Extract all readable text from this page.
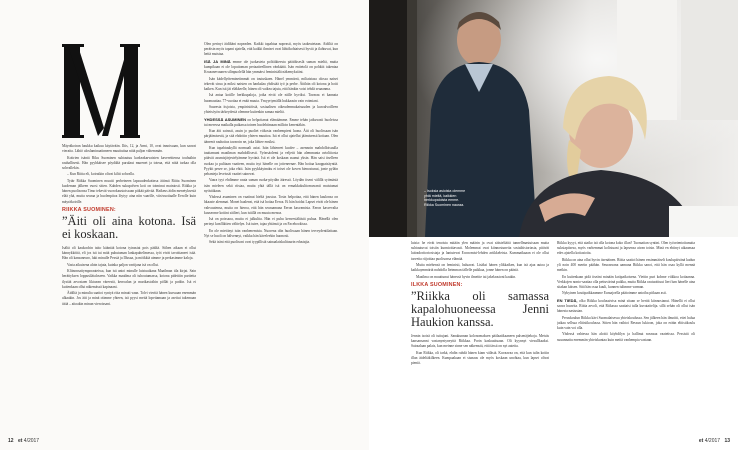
Mäyräkoiran haukku kaikuu käytävään. Iltis, 12, ja Armi, 10, ovat innoissaan, kun saavat vieraita. Lähiö uloslaminaatinneen muuttuttaa niitä paljon vähemmän.

Kotirien isäntä Riku Suominen suhtautuu karkeakarvaisten kavereittensa touhuihin rauhallisesti. Hän pyyhkäisee pöydältä purulaut murenet ja toteaa, että niitä tarkaa olla sohvallekin.

– Kun Riitta eli, koiratkin olivat kiltti sohvalla.

Tytär Riikka Suominen muutti perheineen lapsuudenkotinsa äitinsä Riitta Suominen kuoleman jälkeen vuosi sitten. Kahden sukupolven koti on toiminut mainiosti. Riikka ja hänen puolisonsa Timo tekevät vuorokaustoissaan pitkää päivää. Haikeus äidin menetyksestä elää yhä, mutta seuraa ja huolenpitoa löytyy aina niin vaarille, viisivuotiaalle Eerolle kuin mäyräkoirille.

RIIKKA SUOMINEN:
”Äiti oli aina kotona. Isä ei koskaan.

Isältä oli kaukoohin taito kääntää kotona tyinasiat pois päältä. Siihen aikaan ei ollut kännykköitä, eli jos isä tai mitä puhutaman lankapuhelimessa, työt eivät tavoittaneet isää. Hän oli kansaneuro, luki minulle Pessiä ja Illusaa, ja möikkiä aimme ja perkasimme kaloja.

Vasta aikuisena aloin tajuta, kuinka paljon vartijana isä on ollut.

Kliinonsattymporaateissa, kun isä antoi minulle luistuaikana Maailman tila kirjat. Sain herättyksen loppusilätaloseen. Vaikka maailma oli tuhoutumassa, kotona pidettiin parttetta ilystää arvostaen liktuean väreestä, kerroalun ja marikastoihin pöllät ja podiin. Isä ei kuitenkaan ollut näkemässä kapinaani.

Äidiltä ja minulta saattoi syntyä riita minuti vaan. Tolvi vieritä hänen kurssaan enemmän alkaakin. Jos äiti ja minä otimme yhteen, isä pyysi meitä lopettamaan ja asettui tukemaan äitiä – aitoakin minun vieroissani.

Olen perinyt äidiltäni nopeaden. Kaikki tapahtua nopeasti, myös taakeutetaan. Äidiltä on peräisin myös tapani ajatella, että kaikki ihmiset ovat lähtökohtaisesti hyviä ja ilahtuvat, kun heitä muistaa.

ISÄ JA MINÄ emme ole juokasteta politiikteesta päätökseslä saman mieltä, mutta kumpikaan ei ole loputtoman periaatteellinen vänkäätä. Isän enitetolä on pohkiit takentaa Kroaanevaunen silinpuolellä hän ymmärsi feministälä näkemyksiäni.

Isän kädellyöteminetimmät on toutuskaen. Hänel ymmärrä, miltaistasa olossa naiset tekevät sirua ja miksi naisten on hankalaa yhdistää työ ja perhe. Äitihän oli kotona ja hoiti kaiken. Kun isä jäi eläkkeelle, hänen oli vaikea tajuta, että hänkin voisi tehdä seuaanma.

Isä antaa kotille herkkupaloja, jotka eivät ole niille hyviksi. Tavaraa ei kannata huomauttaa. 77-vuotiaa ei enää muuta. Ymyyrtymällä hukkaasin vain voimiani.

Suuresta itsjoista, ympäristöistä, sosiaalisen oikeudenmukaisuuden ja kuroalvoilleen yhteisöyön tärkeydestä olemme kuitenkin samaa mieltä.

YHDESSÄ ASUMINEN on helpottanut elämäämme. Emme tehän jatkuvasti huoleissa tai meressa maikalla paikassa toinen huolehtimaan milloin kenentäkin.

Kun äiti sairasti, asuin jo puoliet viikosta vanhempieni luona. Äiti oli huolissaan isän pärjäämisestä, ja sitä ehdottin yhteen muuttoa. Isä ei ollut ajatellut jäämisensä kotiaan. Olen ääneerä rauhoitus tavaroin ne, joka lähtee ensiksi.

Kun tapahtuukyllä normaali asiat. Isän lähteneet kuolee – asennoin mahdolloisuulla tauttamunt maailman mahdollisesti. Vyönsäolemi ja veljetit hän alemmanta avioliitosta pitävät asumisjärjestelyämme hyvänä. Isä ei ole koskaan asunut yksin. Hän saisi itselleen ruokaa ja pulitaan vaatteen, mutta isyt hänelle on jotteneenae. Hän hoitaa kauppaisäyntiä. Pyykit pesee se, joka ehtii. Isän pyykkäytmätu ei toiset ole koven hienostunut, jonte pyläin pehanteja leveissäi vaattei sainevat.

Vaara tyyt ehdimme rauta saman ruoka-pöydän ääressä. Löydän itseni välillä syömästä isän mieleen sekä riistaa, mutta yhtä tällä isä on ermakkokulttomuvanti maistamat nytistäkaan.

Yhdessä asuminen on vaatinut hieltä joustoa. Tosin helpottaa, että hänen kaulonsa on hkaaste alemmat. Monet haaleeat, että isä hoitaa Eeroa. Ei hän hoidat Lapset eivät ole hänen vahvuutensa, mutta on hieroa, että hän seuraamana Eeron kasvamista. Eeron kasvevalta kuuseome kotiint säilieri, kun isäillä on muuta menoa.

Isä on poissaoa, mutta ei julkultta. Hän ei puhu kenvestäläisiä puhua. Hänellä olen perinyt konfliktien välttelyn. Isä tutee, tajaa yhtänsä ja on Facebookissa.

En ole miettinyt isän vanhenemista. Nuorena olin huolissaan hänen terveydentilattaan. Nyt se huoli on hälvennyt, vaikka hän käveleekin huonosti.

Sekä isäni että puolisoni ovat tyypillisiä sainaalaiskulttuurin edustajia.

12 et 4/2017

luisia: he eivät tenoista mitään ylen määrin ja ovat säästeliäitä tunnellmastuisaan mutta suhtautuvat toisiin kunnioittavasti. Molemmat ovat kiinnostuneita sosiaihistoriasta, pitävät laitradoritoriosistaja ja lantutevat Economist-lehden artikkeleista. Kummatkaaan ei ole ollut tarvetta riijoittaa puolisonsa elämää.

Mutta miehensä on feministi, haluavat. Lisäksi hänen ylikkaiken, kun isä ajaa autoa ja kaikkaymmärtä nuhdolla Iteimman tällelle paikkaa, jonne hänen on päästä.

Maailma on muuttunut hänessä hyvin ilmeitte tai jakelaastoni kaukin.

ILKKA SUOMINEN:
”Riikka oli samassa kapalohuoneessa Jenni Haukion kanssa.

Jennin isoisä oli tuttujani. Sanakunnan kolonomaksen päälaatikaaneen palsenäjtekoja. Metsäs kansansanni vastanyntyneyttä Riikkaa. Porin kaskuaituaan. Oli kyynnyt viesullkaaksi. Sairaalaan palais, kun meinne sinne sen näkemstä, että tässä on nyt aatetta.

Kun Riikka, oli tarkä, ehdin ruhdä hänen kiam välästä. Kuvaavaa on, että kun tulin kotiin illan äideltäkilkeen. Kumpaakaan ei siunaus ole myös koskaan unohtaa, kun lapset olivat pieniä.

Riikka kyyyt, että aiatko isä olla kotona koko illan? Tuoraatian syntini. Olen työorientoitunutta suksiaptisesa, myös varhemmat kolistuani ja lapsensa aivan toisin. Minä en ehtinyt aikaansaa edes ajatella kotiasioita.

Riikka on aina ollut hyvin itsenäinen. Riitta saattoi hänen ensimmäiselt koulupäivänä kadun yli noin 400 mertin päähän. Seuraavana aamuna Riikka sanoi, että hän osaa kyllä mennä meikin.

En kuitenkaan pidä itseäni minään kotipaikoisena. Viettin puri kohme viikkoa kotiaanna. Verkkojen nonto-saattaa olla pettuvärinä paikka, mutta Riikka rautuoittuut lieri ban hänelle aina sitakan kätsen. Sitä hän osaa kuuli, kunnen tulimme varman.

Nykyinen kouiipaikkaamme Euraajoella päätoimme antoiha pitkaan asti.

EN TIEDÄ, olko Riikka koulusaivisa minä sitaan se herttä kiinnostanut. Hänellä ei ollut saava huuvita. Riitta arvoli, että Riikassa saattaisi tulla kuvataitelija. sillä sehän oli ollut isän hänesta nasiustan.

Peruskoulun Riikka kävi Suomalaisessa yhteiskoulussa. Sen jälkeen hän ilmoitti, ettei halua jatkaa sellsua elitistikoulussa. Sitten hän vaihtoi Ressun lukioon, joka on erään elitistikoulu kuin vain voi olla.

Yhdessä vahtessa hän aloitti köyhdilyn ja hallinut nosnsaa vaatetissa. Pessistä oli suuunnattu enemmän yhteiskuntaa kuin meitä vanhempia vastaan.

et 4/2017 13
– Isoksia asioista olemme yhtä mieltä, kaikkien herkkupaloista emme. Riikka Suominen nauraa.
